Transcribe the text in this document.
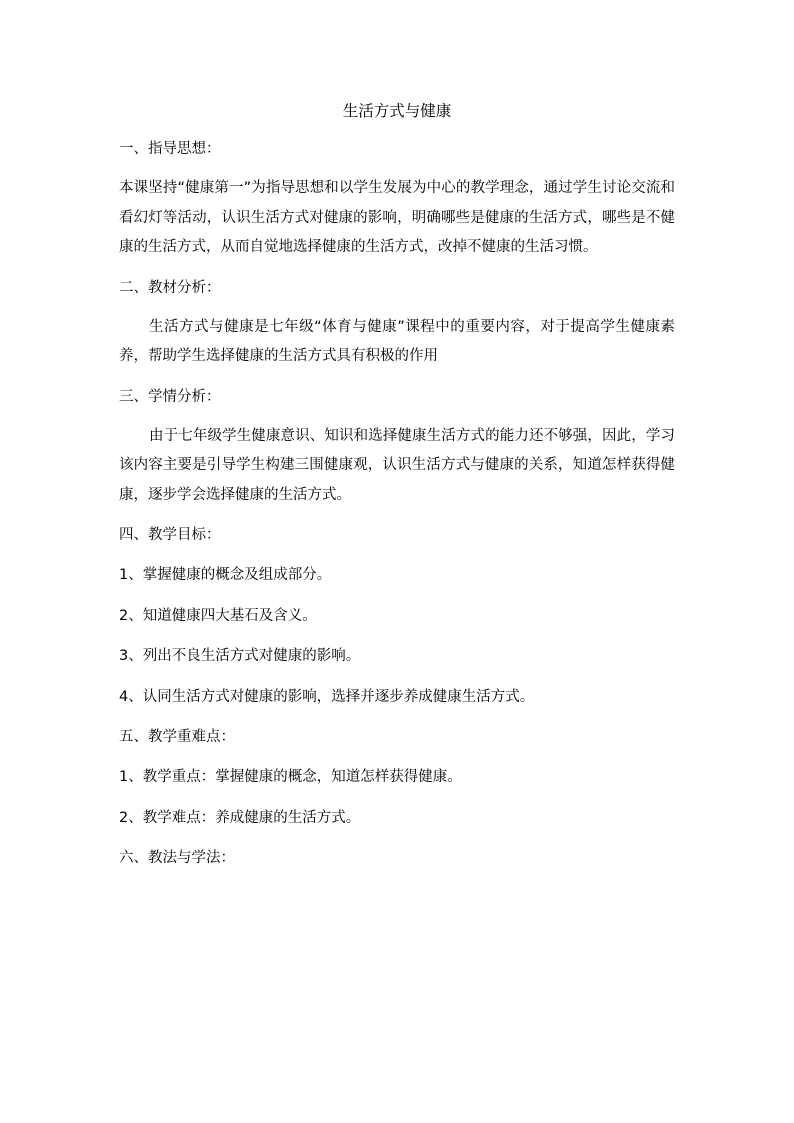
生活方式与健康
一、指导思想：
本课坚持“健康第一”为指导思想和以学生发展为中心的教学理念，通过学生讨论交流和看幻灯等活动，认识生活方式对健康的影响，明确哪些是健康的生活方式，哪些是不健康的生活方式，从而自觉地选择健康的生活方式，改掉不健康的生活习惯。
二、教材分析：
生活方式与健康是七年级“体育与健康”课程中的重要内容，对于提高学生健康素养，帮助学生选择健康的生活方式具有积极的作用
三、学情分析：
由于七年级学生健康意识、知识和选择健康生活方式的能力还不够强，因此，学习该内容主要是引导学生构建三围健康观，认识生活方式与健康的关系，知道怎样获得健康，逐步学会选择健康的生活方式。
四、教学目标：
1、掌握健康的概念及组成部分。
2、知道健康四大基石及含义。
3、列出不良生活方式对健康的影响。
4、认同生活方式对健康的影响，选择并逐步养成健康生活方式。
五、教学重难点：
1、教学重点：掌握健康的概念，知道怎样获得健康。
2、教学难点：养成健康的生活方式。
六、教法与学法：
